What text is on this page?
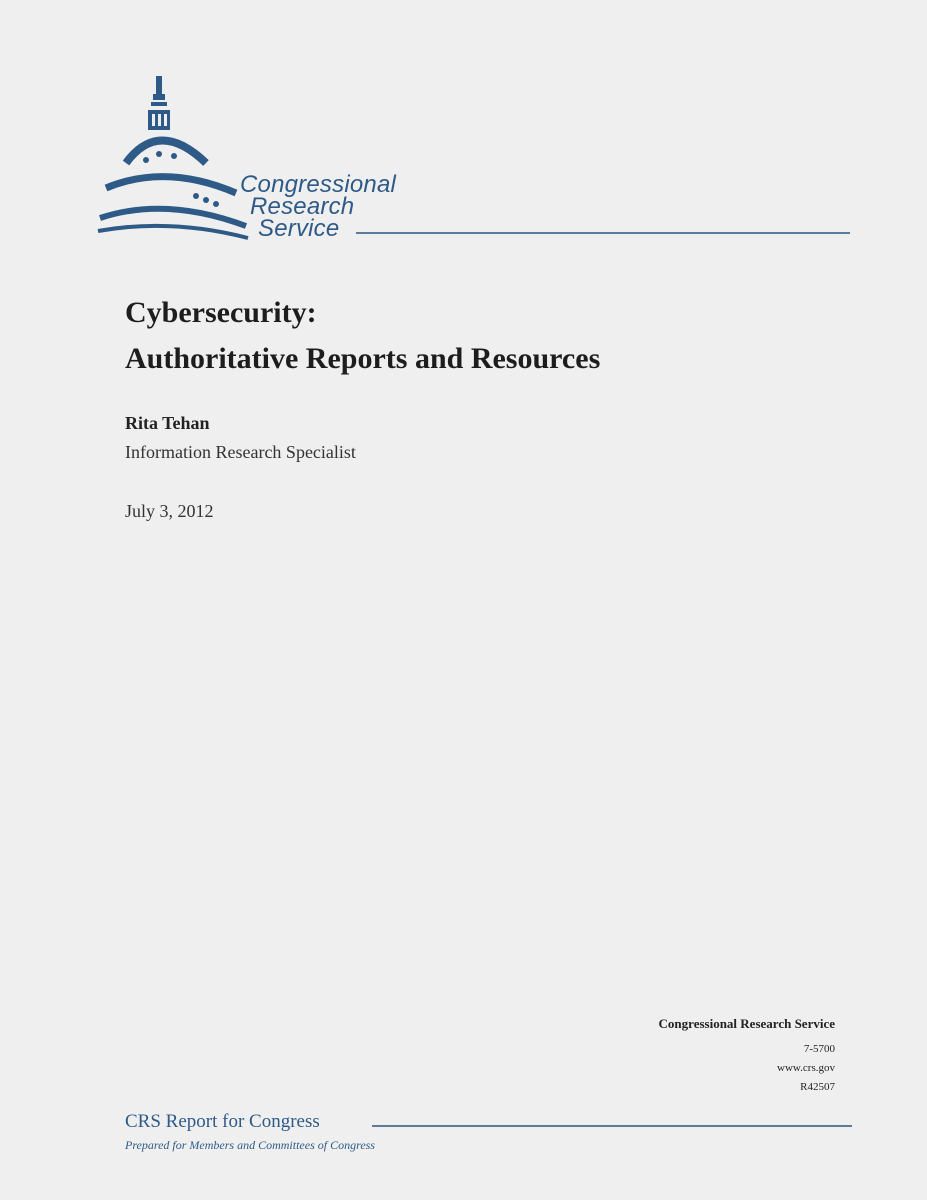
Congressional
Research
Service
Cybersecurity:
Authoritative Reports and Resources
Rita Tehan
Information Research Specialist
July 3, 2012
Congressional Research Service
7-5700
www.crs.gov
R42507
CRS Report for Congress
Prepared for Members and Committees of Congress
